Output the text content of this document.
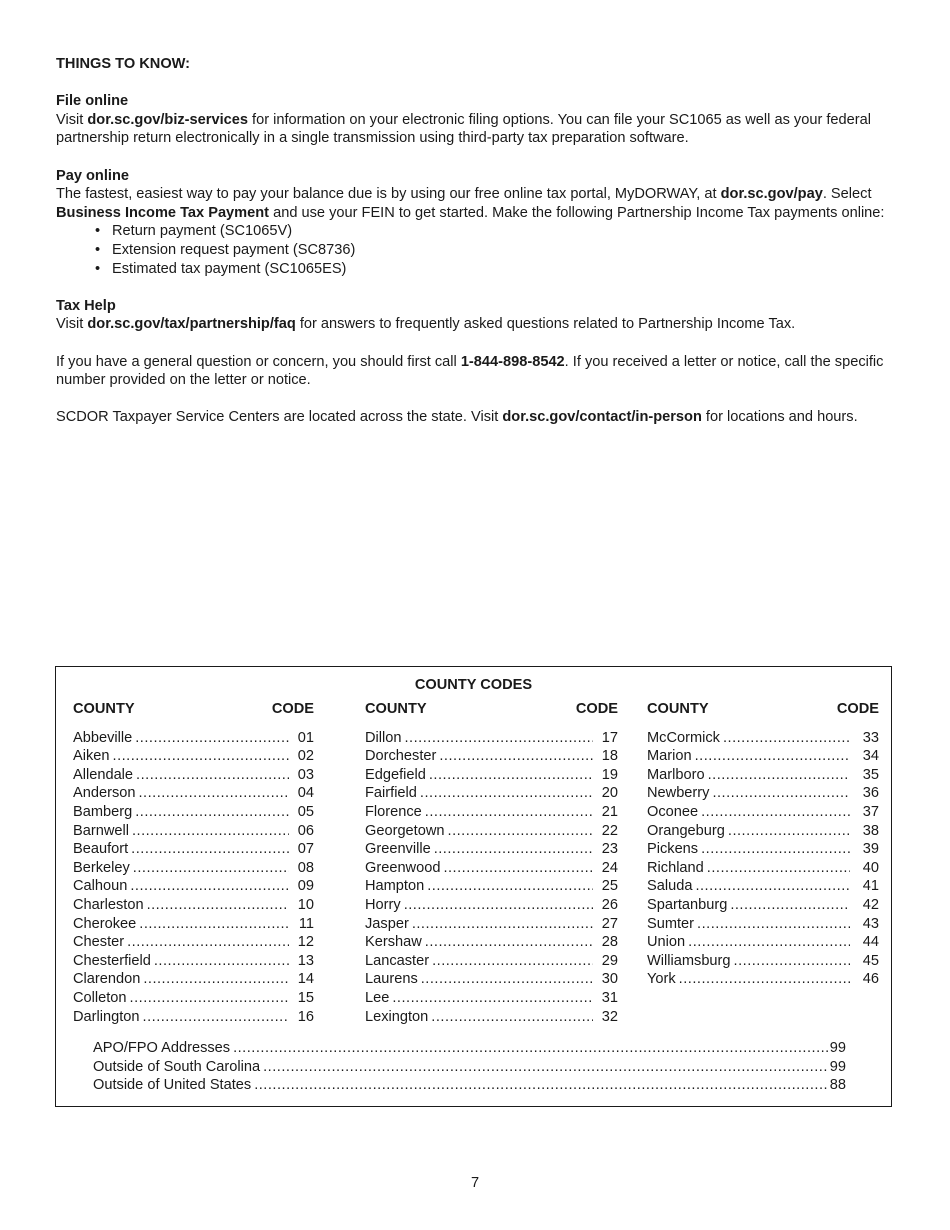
THINGS TO KNOW:
File online

Visit dor.sc.gov/biz-services for information on your electronic filing options. You can file your SC1065 as well as your federal partnership return electronically in a single transmission using third-party tax preparation software.

Pay online

The fastest, easiest way to pay your balance due is by using our free online tax portal, MyDORWAY, at dor.sc.gov/pay. Select Business Income Tax Payment and use your FEIN to get started. Make the following Partnership Income Tax payments online:

• Return payment (SC1065V)
• Extension request payment (SC8736)
• Estimated tax payment (SC1065ES)
Tax Help

Visit dor.sc.gov/tax/partnership/faq for answers to frequently asked questions related to Partnership Income Tax.

If you have a general question or concern, you should first call 1-844-898-8542. If you received a letter or notice, call the specific number provided on the letter or notice.

SCDOR Taxpayer Service Centers are located across the state. Visit dor.sc.gov/contact/in-person for locations and hours.

COUNTY CODES
COUNTY	CODE
Abbeville .....	01
Aiken .....	02
Allendale .....	03
Anderson .....	04
Bamberg .....	05
Barnwell .....	06
Beaufort .....	07
Berkeley .....	08
Calhoun .....	09
Charleston .....	10
Cherokee .....	11
Chester .....	12
Chesterfield .....	13
Clarendon .....	14
Colleton .....	15
Darlington .....	16
COUNTY	CODE
Dillon .....	17
Dorchester .....	18
Edgefield .....	19
Fairfield .....	20
Florence .....	21
Georgetown .....	22
Greenville .....	23
Greenwood .....	24
Hampton .....	25
Horry .....	26
Jasper .....	27
Kershaw .....	28
Lancaster .....	29
Laurens .....	30
Lee .....	31
Lexington .....	32
COUNTY	CODE
McCormick .....	33
Marion .....	34
Marlboro .....	35
Newberry .....	36
Oconee .....	37
Orangeburg .....	38
Pickens .....	39
Richland .....	40
Saluda .....	41
Spartanburg .....	42
Sumter .....	43
Union .....	44
Williamsburg .....	45
York .....	46
APO/FPO Addresses .....	99
Outside of South Carolina .....	99
Outside of United States .....	88
7
